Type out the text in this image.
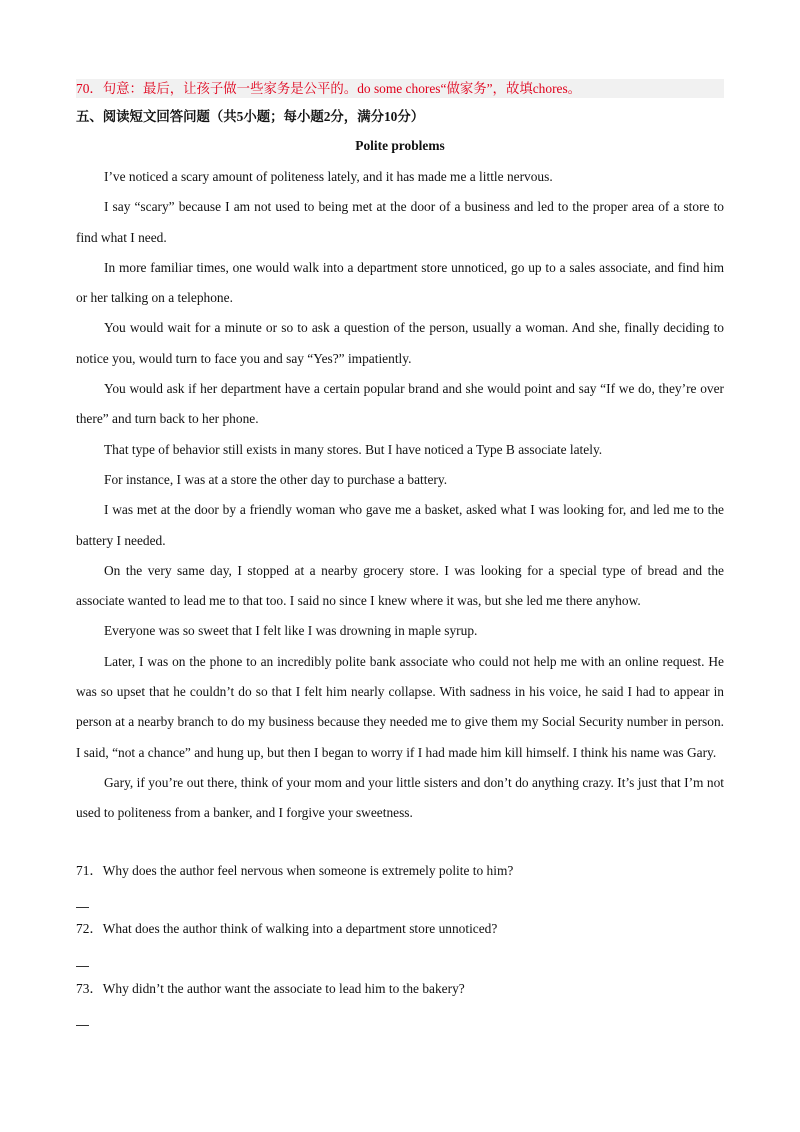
70．句意：最后，让孩子做一些家务是公平的。do some chores“做家务”，故填chores。
五、阅读短文回答问题（共5小题；每小题2分，满分10分）
Polite problems

I’ve noticed a scary amount of politeness lately, and it has made me a little nervous.

I say “scary” because I am not used to being met at the door of a business and led to the proper area of a store to find what I need.

In more familiar times, one would walk into a department store unnoticed, go up to a sales associate, and find him or her talking on a telephone.

You would wait for a minute or so to ask a question of the person, usually a woman. And she, finally deciding to notice you, would turn to face you and say “Yes?” impatiently.

You would ask if her department have a certain popular brand and she would point and say “If we do, they’re over there” and turn back to her phone.

That type of behavior still exists in many stores. But I have noticed a Type B associate lately.

For instance, I was at a store the other day to purchase a battery.

I was met at the door by a friendly woman who gave me a basket, asked what I was looking for, and led me to the battery I needed.

On the very same day, I stopped at a nearby grocery store. I was looking for a special type of bread and the associate wanted to lead me to that too. I said no since I knew where it was, but she led me there anyhow.

Everyone was so sweet that I felt like I was drowning in maple syrup.

Later, I was on the phone to an incredibly polite bank associate who could not help me with an online request. He was so upset that he couldn’t do so that I felt him nearly collapse. With sadness in his voice, he said I had to appear in person at a nearby branch to do my business because they needed me to give them my Social Security number in person. I said, “not a chance” and hung up, but then I began to worry if I had made him kill himself. I think his name was Gary.

Gary, if you’re out there, think of your mom and your little sisters and don’t do anything crazy. It’s just that I’m not used to politeness from a banker, and I forgive your sweetness.

71．Why does the author feel nervous when someone is extremely polite to him?
72．What does the author think of walking into a department store unnoticed?
73．Why didn’t the author want the associate to lead him to the bakery?
